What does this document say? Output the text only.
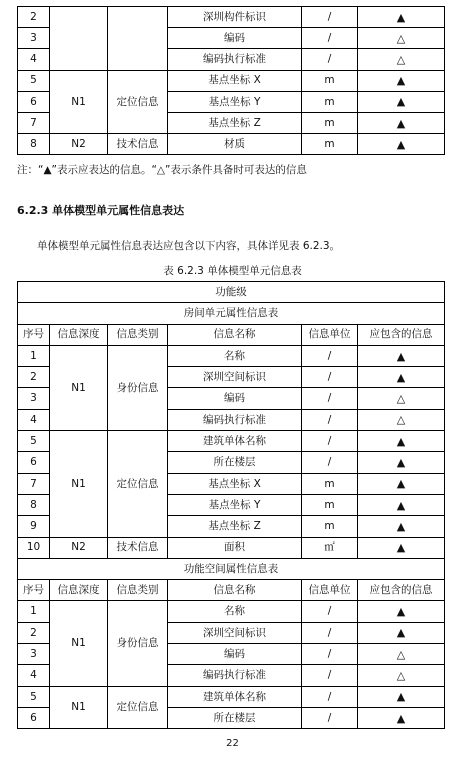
2			深圳构件标识	/	▲
3			编码	/	△
4			编码执行标准	/	△
5	N1	定位信息	基点坐标 X	m	▲
6			基点坐标 Y	m	▲
7			基点坐标 Z	m	▲
8	N2	技术信息	材质	m	▲
注：“▲”表示应表达的信息。“△”表示条件具备时可表达的信息
6.2.3 单体模型单元属性信息表达
单体模型单元属性信息表达应包含以下内容，具体详见表 6.2.3。
表 6.2.3 单体模型单元信息表
功能级					
房间单元属性信息表					
序号	信息深度	信息类别	信息名称	信息单位	应包含的信息
1	N1	身份信息	名称	/	▲
2			深圳空间标识	/	▲
3			编码	/	△
4			编码执行标准	/	△
5	N1	定位信息	建筑单体名称	/	▲
6			所在楼层	/	▲
7			基点坐标 X	m	▲
8			基点坐标 Y	m	▲
9			基点坐标 Z	m	▲
10	N2	技术信息	面积	㎡	▲
功能空间属性信息表					
序号	信息深度	信息类别	信息名称	信息单位	应包含的信息
1	N1	身份信息	名称	/	▲
2			深圳空间标识	/	▲
3			编码	/	△
4			编码执行标准	/	△
5	N1	定位信息	建筑单体名称	/	▲
6			所在楼层	/	▲
22
